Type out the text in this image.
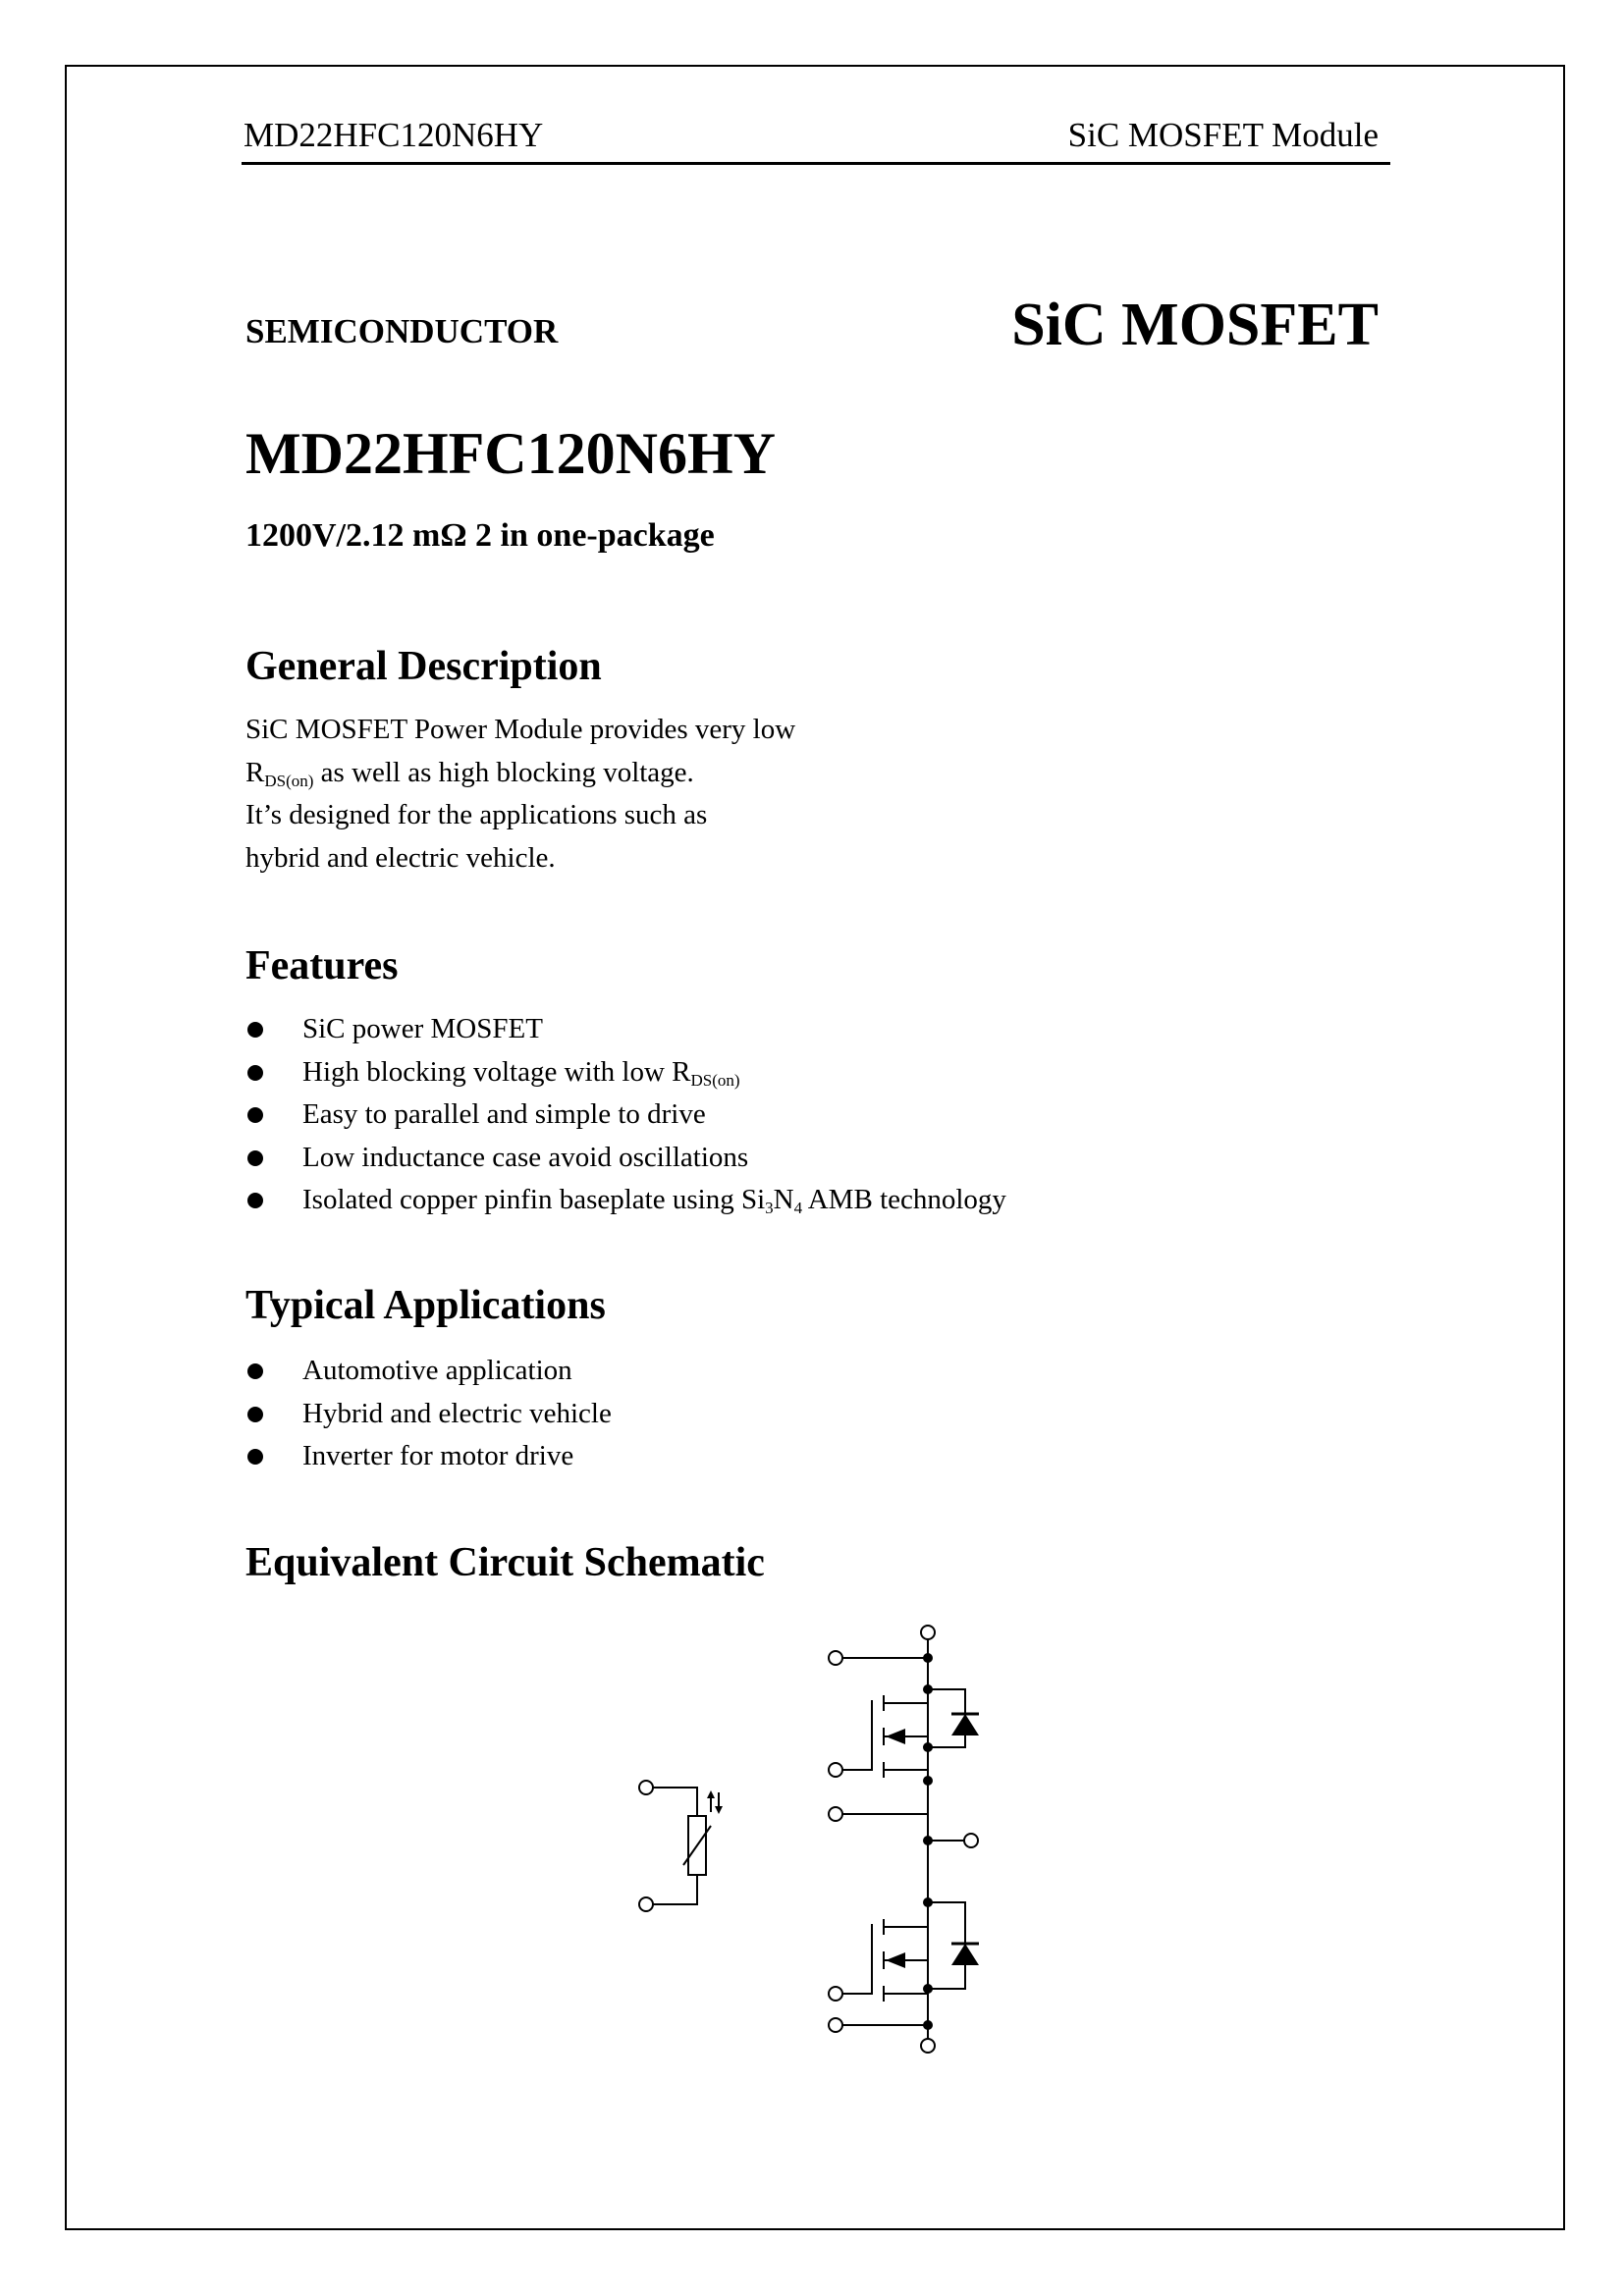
MD22HFC120N6HY	SiC MOSFET Module
SEMICONDUCTOR	SiC MOSFET
MD22HFC120N6HY
1200V/2.12 mΩ 2 in one-package
General Description
SiC MOSFET Power Module provides very low
$R_{DS(on)}$ as well as high blocking voltage.
It’s designed for the applications such as
hybrid and electric vehicle.
Features
SiC power MOSFET
High blocking voltage with low $R_{DS(on)}$
Easy to parallel and simple to drive
Low inductance case avoid oscillations
Isolated copper pinfin baseplate using $Si_3N_4$ AMB technology
Typical Applications
Automotive application
Hybrid and electric vehicle
Inverter for motor drive
Equivalent Circuit Schematic
